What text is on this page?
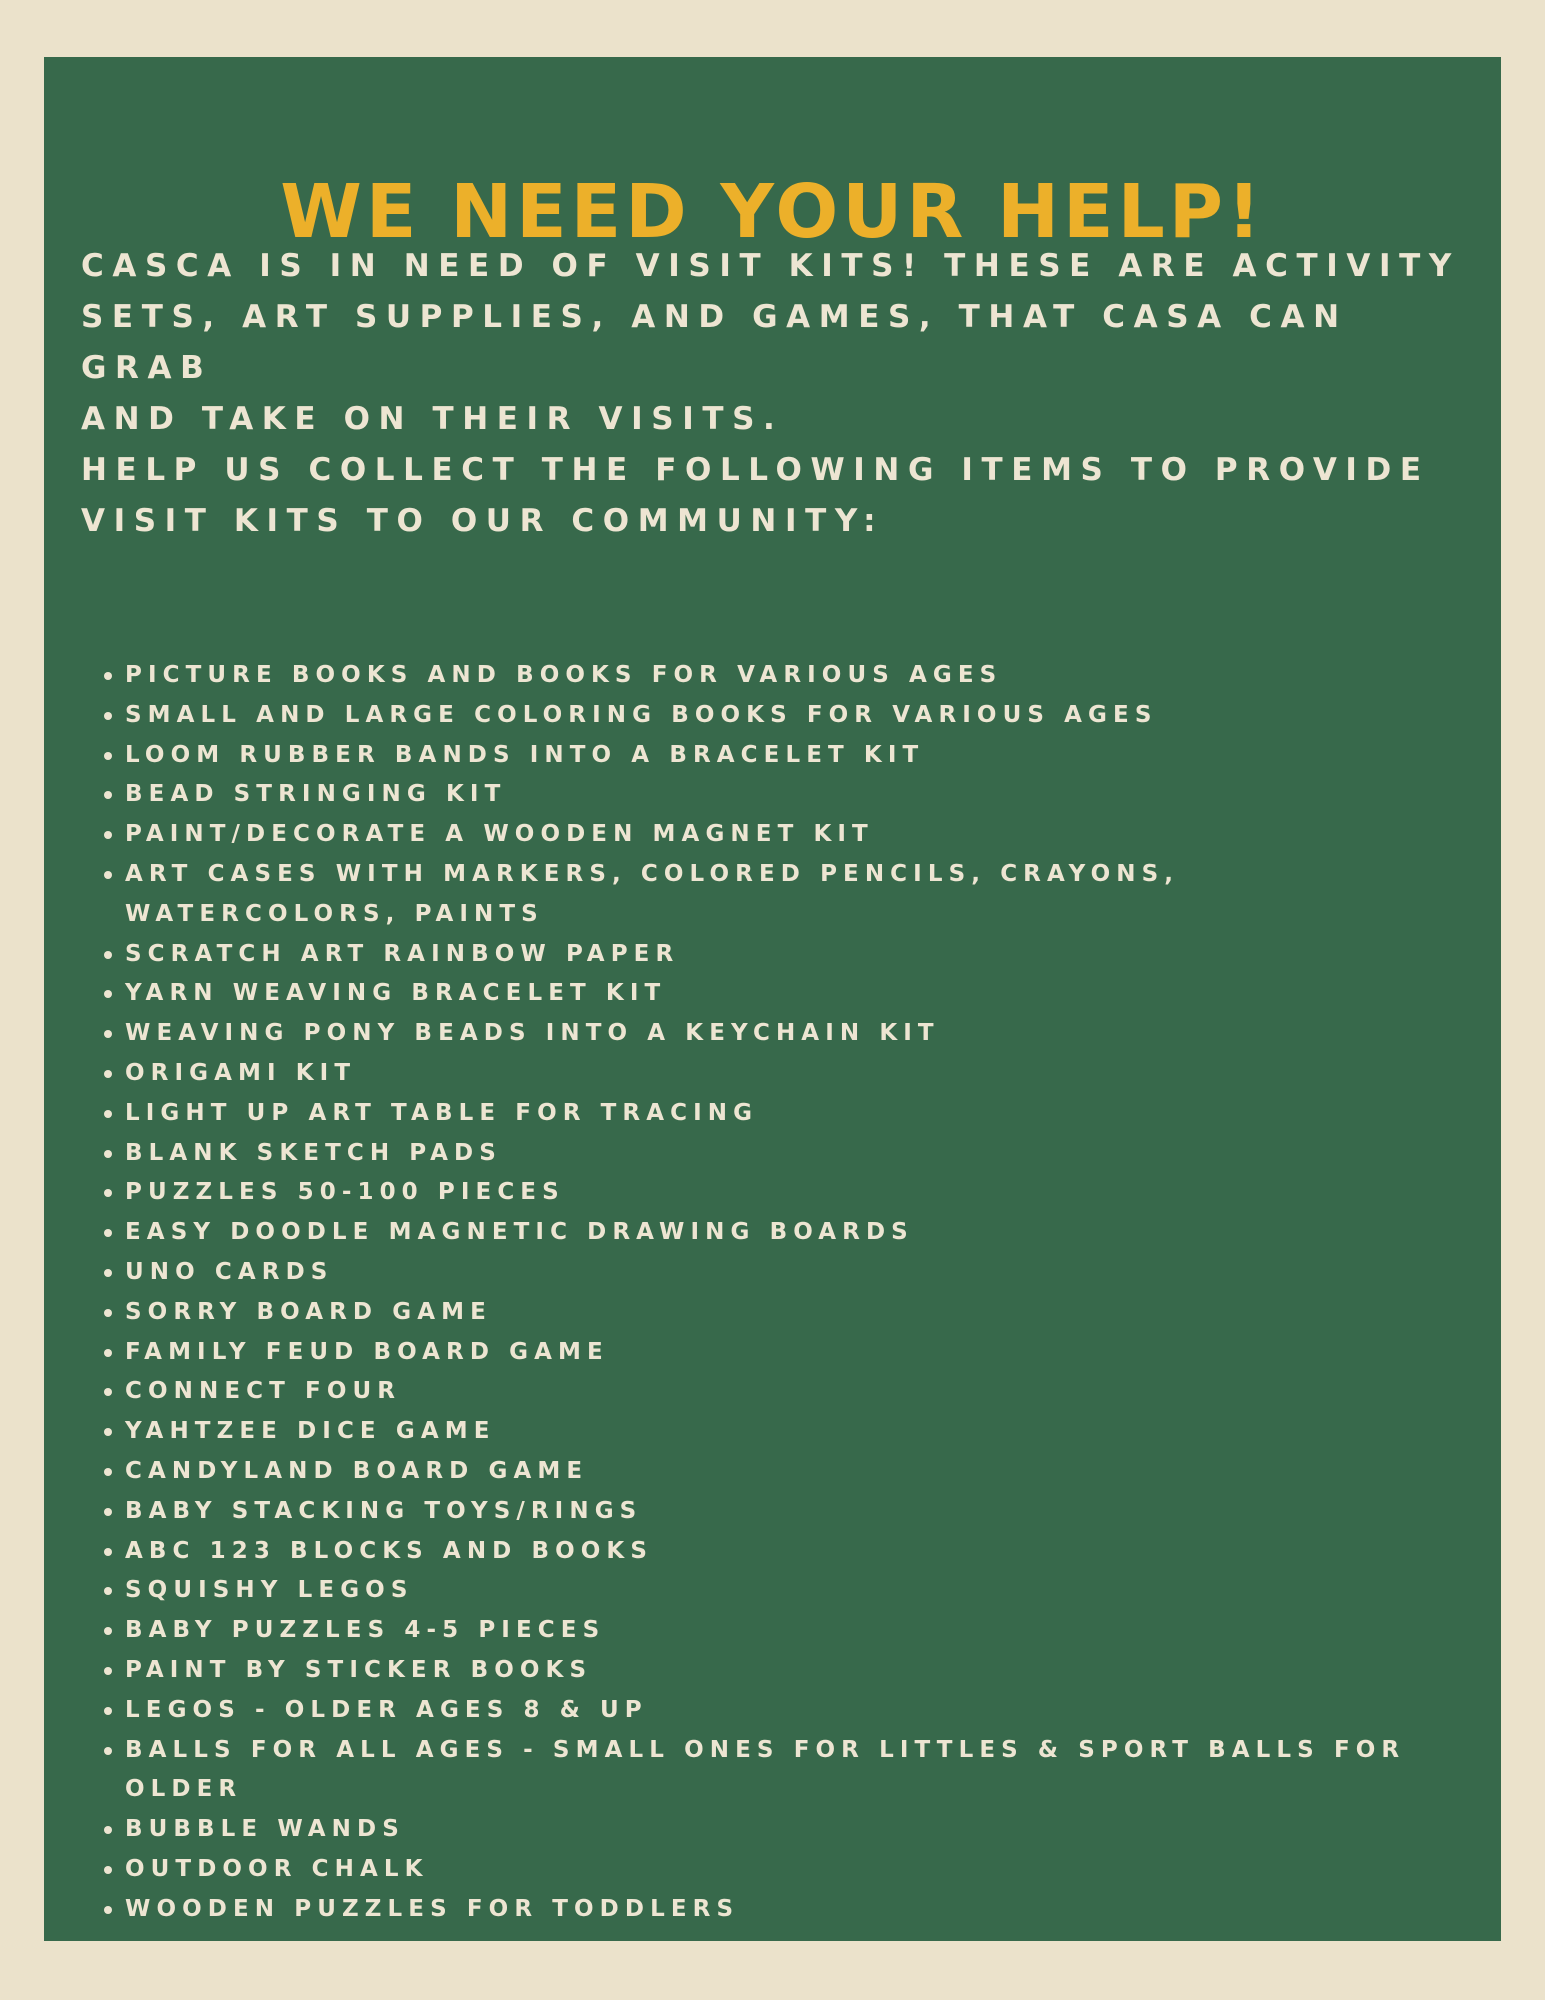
WE NEED YOUR HELP!

CASCA IS IN NEED OF VISIT KITS! THESE ARE ACTIVITY
SETS, ART SUPPLIES, AND GAMES, THAT CASA CAN GRAB
AND TAKE ON THEIR VISITS.

HELP US COLLECT THE FOLLOWING ITEMS TO PROVIDE
VISIT KITS TO OUR COMMUNITY:

PICTURE BOOKS AND BOOKS FOR VARIOUS AGES
SMALL AND LARGE COLORING BOOKS FOR VARIOUS AGES
LOOM RUBBER BANDS INTO A BRACELET KIT
BEAD STRINGING KIT
PAINT/DECORATE A WOODEN MAGNET KIT
ART CASES WITH MARKERS, COLORED PENCILS, CRAYONS,
WATERCOLORS, PAINTS
SCRATCH ART RAINBOW PAPER
YARN WEAVING BRACELET KIT
WEAVING PONY BEADS INTO A KEYCHAIN KIT
ORIGAMI KIT
LIGHT UP ART TABLE FOR TRACING
BLANK SKETCH PADS
PUZZLES 50-100 PIECES
EASY DOODLE MAGNETIC DRAWING BOARDS
UNO CARDS
SORRY BOARD GAME
FAMILY FEUD BOARD GAME
CONNECT FOUR
YAHTZEE DICE GAME
CANDYLAND BOARD GAME
BABY STACKING TOYS/RINGS
ABC 123 BLOCKS AND BOOKS
SQUISHY LEGOS
BABY PUZZLES 4-5 PIECES
PAINT BY STICKER BOOKS
LEGOS - OLDER AGES 8 & UP
BALLS FOR ALL AGES - SMALL ONES FOR LITTLES & SPORT BALLS FOR
OLDER
BUBBLE WANDS
OUTDOOR CHALK
WOODEN PUZZLES FOR TODDLERS
